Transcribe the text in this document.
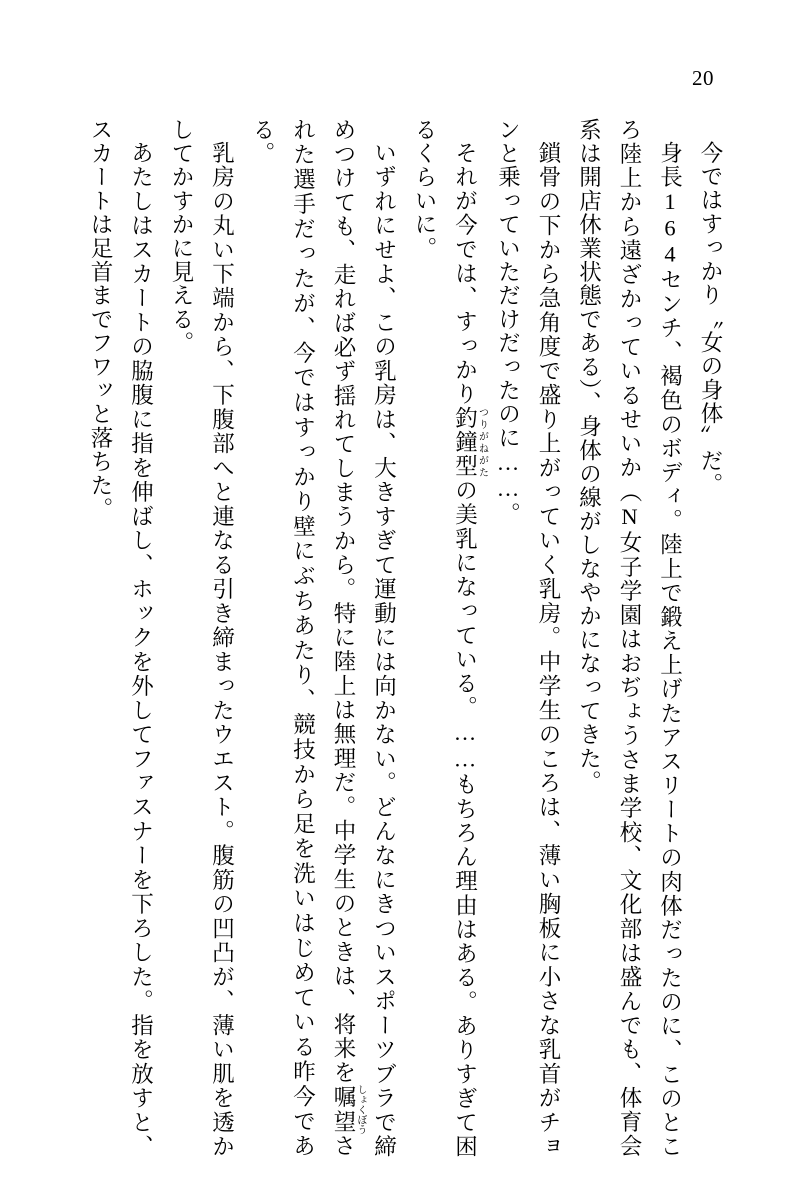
20

今ではすっかり〝女の身体〟だ。

身長164センチ、褐色のボディ。陸上で鍛え上げたアスリートの肉体だったのに、このところ陸上から遠ざかっているせいか（N女子学園はおぢょうさま学校、文化部は盛んでも、体育会系は開店休業状態である）、身体の線がしなやかになってきた。

鎖骨の下から急角度で盛り上がっていく乳房。中学生のころは、薄い胸板に小さな乳首がチョンと乗っていただけだったのに……。

それが今では、すっかり釣鐘型 つりがねがたの美乳になっている。……もちろん理由はある。ありすぎて困るくらいに。

いずれにせよ、この乳房は、大きすぎて運動には向かない。どんなにきついスポーツブラで締めつけても、走れば必ず揺れてしまうから。特に陸上は無理だ。中学生のときは、将来を嘱望 しょくぼうされた選手だったが、今ではすっかり壁にぶちあたり、競技から足を洗いはじめている昨今である。

乳房の丸い下端から、下腹部へと連なる引き締まったウエスト。腹筋の凹凸が、薄い肌を透かしてかすかに見える。

あたしはスカートの脇腹に指を伸ばし、ホックを外してファスナーを下ろした。指を放すと、スカートは足首までフワッと落ちた。
